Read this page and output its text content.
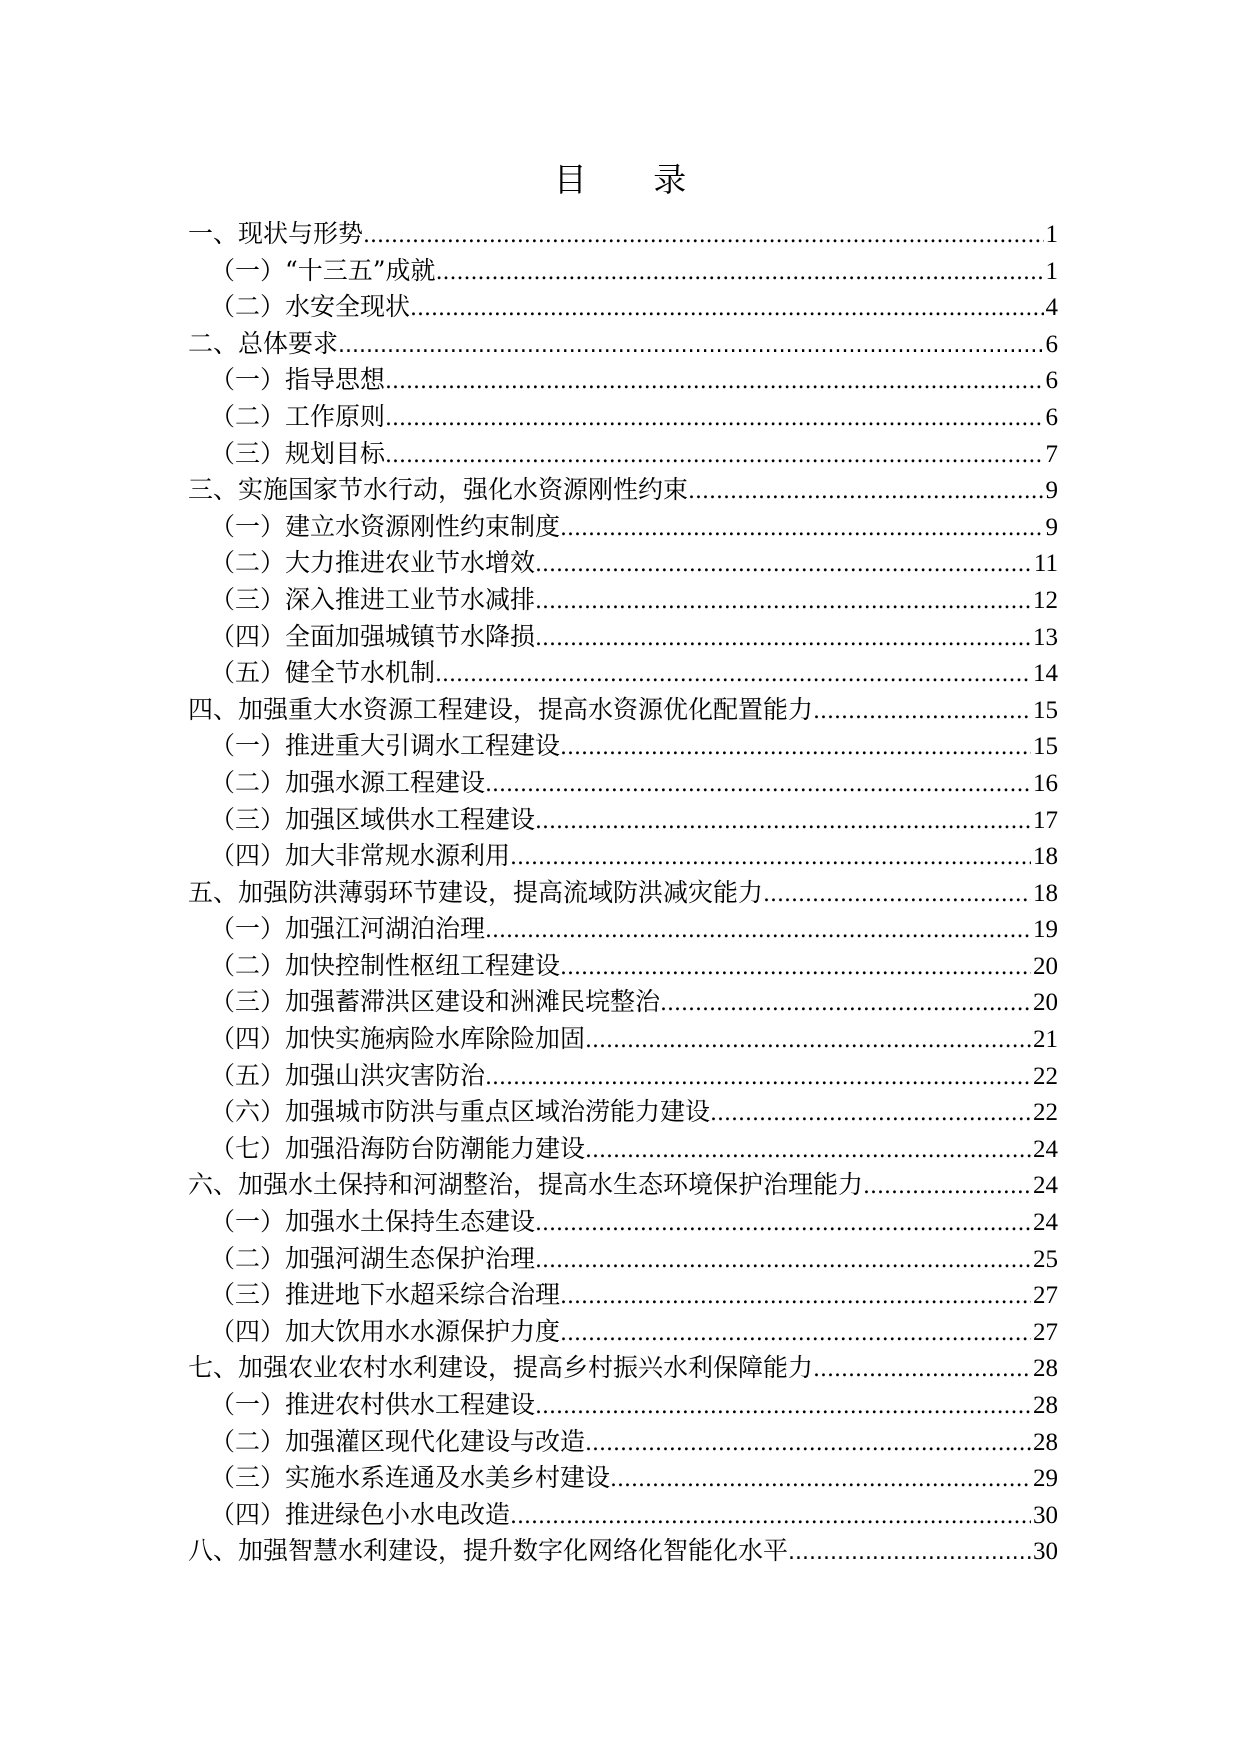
目 录
一、现状与形势 .....	1
（一）“十三五”成就 .....	1
（二）水安全现状 .....	4
二、总体要求 .....	6
（一）指导思想 .....	6
（二）工作原则 .....	6
（三）规划目标 .....	7
三、实施国家节水行动，强化水资源刚性约束 .....	9
（一）建立水资源刚性约束制度 .....	9
（二）大力推进农业节水增效 .....	11
（三）深入推进工业节水减排 .....	12
（四）全面加强城镇节水降损 .....	13
（五）健全节水机制 .....	14
四、加强重大水资源工程建设，提高水资源优化配置能力 .....	15
（一）推进重大引调水工程建设 .....	15
（二）加强水源工程建设 .....	16
（三）加强区域供水工程建设 .....	17
（四）加大非常规水源利用 .....	18
五、加强防洪薄弱环节建设，提高流域防洪减灾能力 .....	18
（一）加强江河湖泊治理 .....	19
（二）加快控制性枢纽工程建设 .....	20
（三）加强蓄滞洪区建设和洲滩民垸整治 .....	20
（四）加快实施病险水库除险加固 .....	21
（五）加强山洪灾害防治 .....	22
（六）加强城市防洪与重点区域治涝能力建设 .....	22
（七）加强沿海防台防潮能力建设 .....	24
六、加强水土保持和河湖整治，提高水生态环境保护治理能力 .....	24
（一）加强水土保持生态建设 .....	24
（二）加强河湖生态保护治理 .....	25
（三）推进地下水超采综合治理 .....	27
（四）加大饮用水水源保护力度 .....	27
七、加强农业农村水利建设，提高乡村振兴水利保障能力 .....	28
（一）推进农村供水工程建设 .....	28
（二）加强灌区现代化建设与改造 .....	28
（三）实施水系连通及水美乡村建设 .....	29
（四）推进绿色小水电改造 .....	30
八、加强智慧水利建设，提升数字化网络化智能化水平 .....	30
